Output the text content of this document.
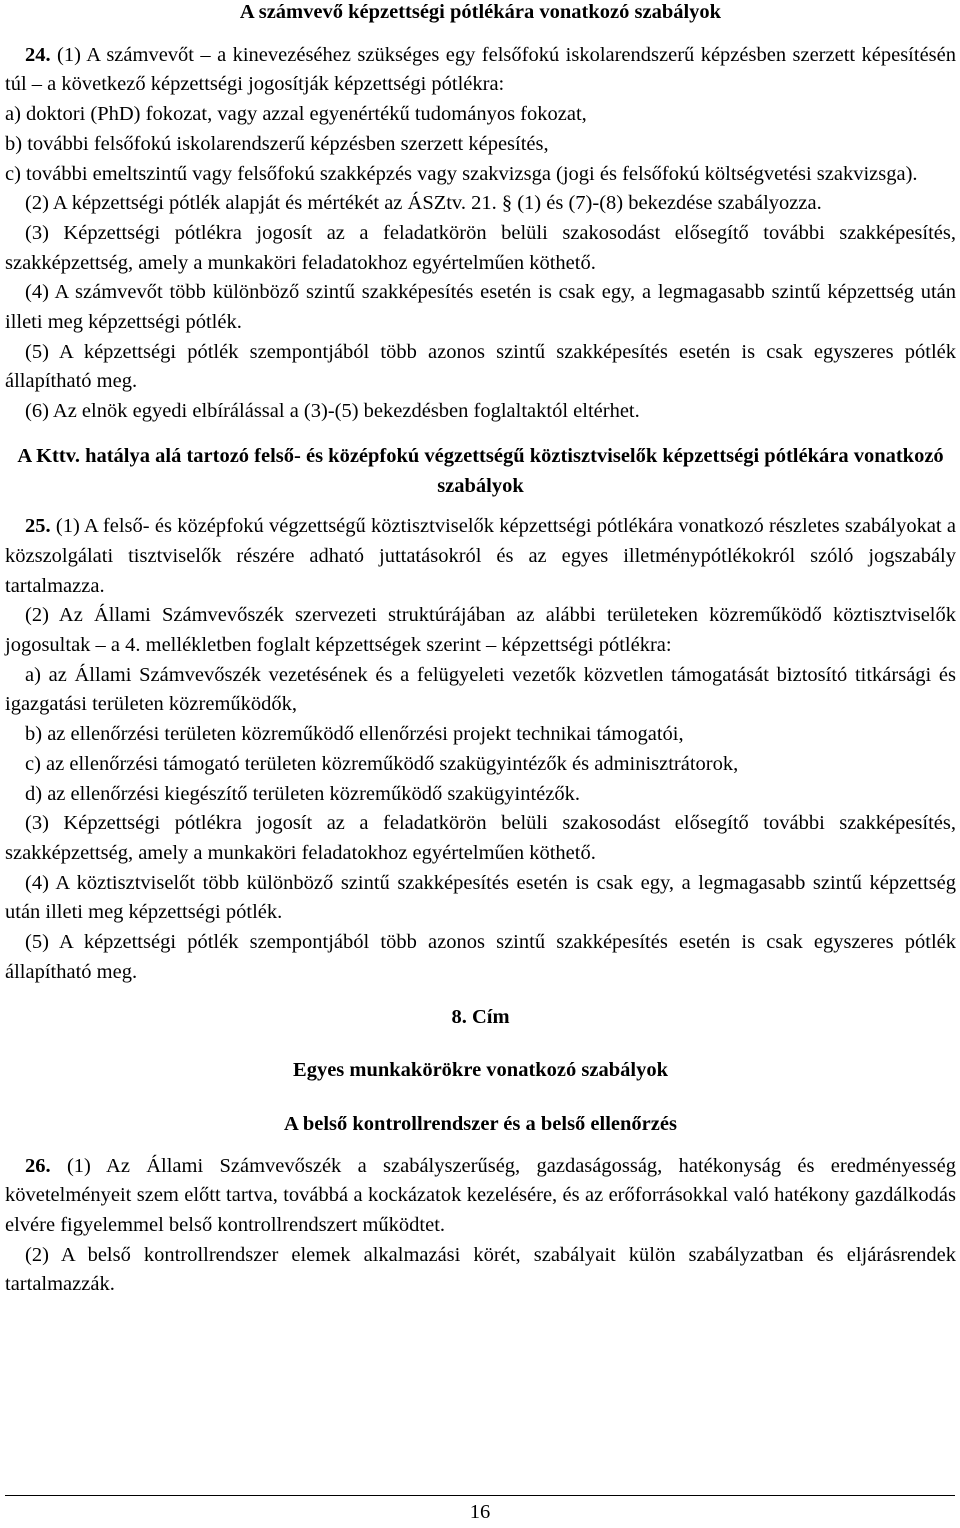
A számvevő képzettségi pótlékára vonatkozó szabályok

24. (1) A számvevőt – a kinevezéséhez szükséges egy felsőfokú iskolarendszerű képzésben szerzett képesítésén túl – a következő képzettségi jogosítják képzettségi pótlékra:

a) doktori (PhD) fokozat, vagy azzal egyenértékű tudományos fokozat,

b) további felsőfokú iskolarendszerű képzésben szerzett képesítés,

c) további emeltszintű vagy felsőfokú szakképzés vagy szakvizsga (jogi és felsőfokú költségvetési szakvizsga).

(2) A képzettségi pótlék alapját és mértékét az ÁSZtv. 21. § (1) és (7)-(8) bekezdése szabályozza.

(3) Képzettségi pótlékra jogosít az a feladatkörön belüli szakosodást elősegítő további szakképesítés, szakképzettség, amely a munkaköri feladatokhoz egyértelműen köthető.

(4) A számvevőt több különböző szintű szakképesítés esetén is csak egy, a legmagasabb szintű képzettség után illeti meg képzettségi pótlék.

(5) A képzettségi pótlék szempontjából több azonos szintű szakképesítés esetén is csak egyszeres pótlék állapítható meg.

(6) Az elnök egyedi elbírálással a (3)-(5) bekezdésben foglaltaktól eltérhet.

A Kttv. hatálya alá tartozó felső- és középfokú végzettségű köztisztviselők képzettségi pótlékára vonatkozó szabályok

25. (1) A felső- és középfokú végzettségű köztisztviselők képzettségi pótlékára vonatkozó részletes szabályokat a közszolgálati tisztviselők részére adható juttatásokról és az egyes illetménypótlékokról szóló jogszabály tartalmazza.

(2) Az Állami Számvevőszék szervezeti struktúrájában az alábbi területeken közreműködő köztisztviselők jogosultak – a 4. mellékletben foglalt képzettségek szerint – képzettségi pótlékra:

a) az Állami Számvevőszék vezetésének és a felügyeleti vezetők közvetlen támogatását biztosító titkársági és igazgatási területen közreműködők,

b) az ellenőrzési területen közreműködő ellenőrzési projekt technikai támogatói,

c) az ellenőrzési támogató területen közreműködő szakügyintézők és adminisztrátorok,

d) az ellenőrzési kiegészítő területen közreműködő szakügyintézők.

(3) Képzettségi pótlékra jogosít az a feladatkörön belüli szakosodást elősegítő további szakképesítés, szakképzettség, amely a munkaköri feladatokhoz egyértelműen köthető.

(4) A köztisztviselőt több különböző szintű szakképesítés esetén is csak egy, a legmagasabb szintű képzettség után illeti meg képzettségi pótlék.

(5) A képzettségi pótlék szempontjából több azonos szintű szakképesítés esetén is csak egyszeres pótlék állapítható meg.

8. Cím

Egyes munkakörökre vonatkozó szabályok

A belső kontrollrendszer és a belső ellenőrzés

26. (1) Az Állami Számvevőszék a szabályszerűség, gazdaságosság, hatékonyság és eredményesség követelményeit szem előtt tartva, továbbá a kockázatok kezelésére, és az erőforrásokkal való hatékony gazdálkodás elvére figyelemmel belső kontrollrendszert működtet.

(2) A belső kontrollrendszer elemek alkalmazási körét, szabályait külön szabályzatban és eljárásrendek tartalmazzák.

16
